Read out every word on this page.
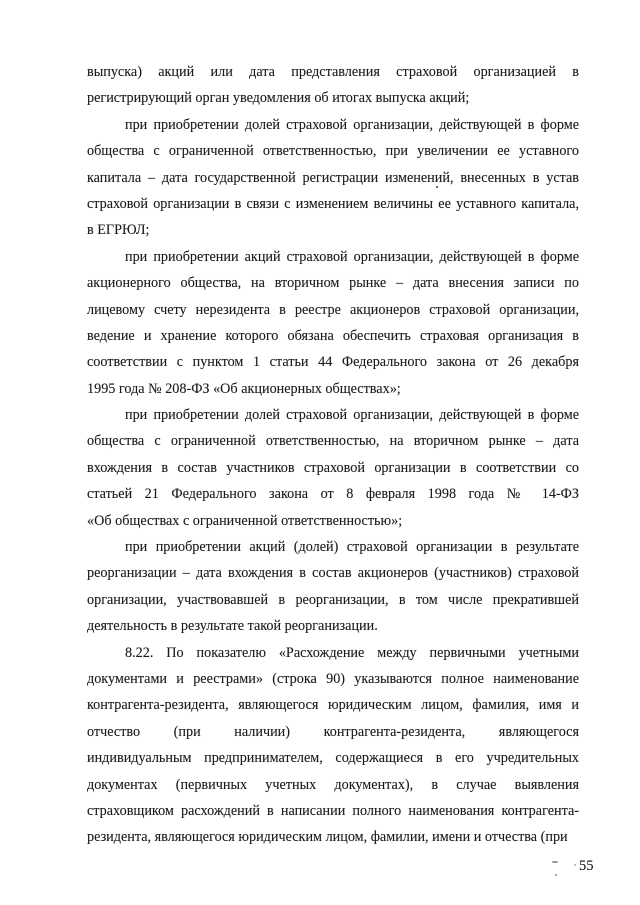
выпуска) акций или дата представления страховой организацией в
регистрирующий орган уведомления об итогах выпуска акций;
при приобретении долей страховой организации, действующей в форме
общества с ограниченной ответственностью, при увеличении ее уставного
капитала – дата государственной регистрации изменений, внесенных в устав
страховой организации в связи с изменением величины ее уставного капитала,
в ЕГРЮЛ;
при приобретении акций страховой организации, действующей в форме
акционерного общества, на вторичном рынке – дата внесения записи по
лицевому счету нерезидента в реестре акционеров страховой организации,
ведение и хранение которого обязана обеспечить страховая организация в
соответствии с пунктом 1 статьи 44 Федерального закона от 26 декабря
1995 года № 208-ФЗ «Об акционерных обществах»;
при приобретении долей страховой организации, действующей в форме
общества с ограниченной ответственностью, на вторичном рынке – дата
вхождения в состав участников страховой организации в соответствии со
статьей 21 Федерального закона от 8 февраля 1998 года № 14-ФЗ
«Об обществах с ограниченной ответственностью»;
при приобретении акций (долей) страховой организации в результате
реорганизации – дата вхождения в состав акционеров (участников) страховой
организации, участвовавшей в реорганизации, в том числе прекратившей
деятельность в результате такой реорганизации.
8.22. По показателю «Расхождение между первичными учетными
документами и реестрами» (строка 90) указываются полное наименование
контрагента-резидента, являющегося юридическим лицом, фамилия, имя и
отчество (при наличии) контрагента-резидента, являющегося
индивидуальным предпринимателем, содержащиеся в его учредительных
документах (первичных учетных документах), в случае выявления
страховщиком расхождений в написании полного наименования контрагента-
резидента, являющегося юридическим лицом, фамилии, имени и отчества (при
55
